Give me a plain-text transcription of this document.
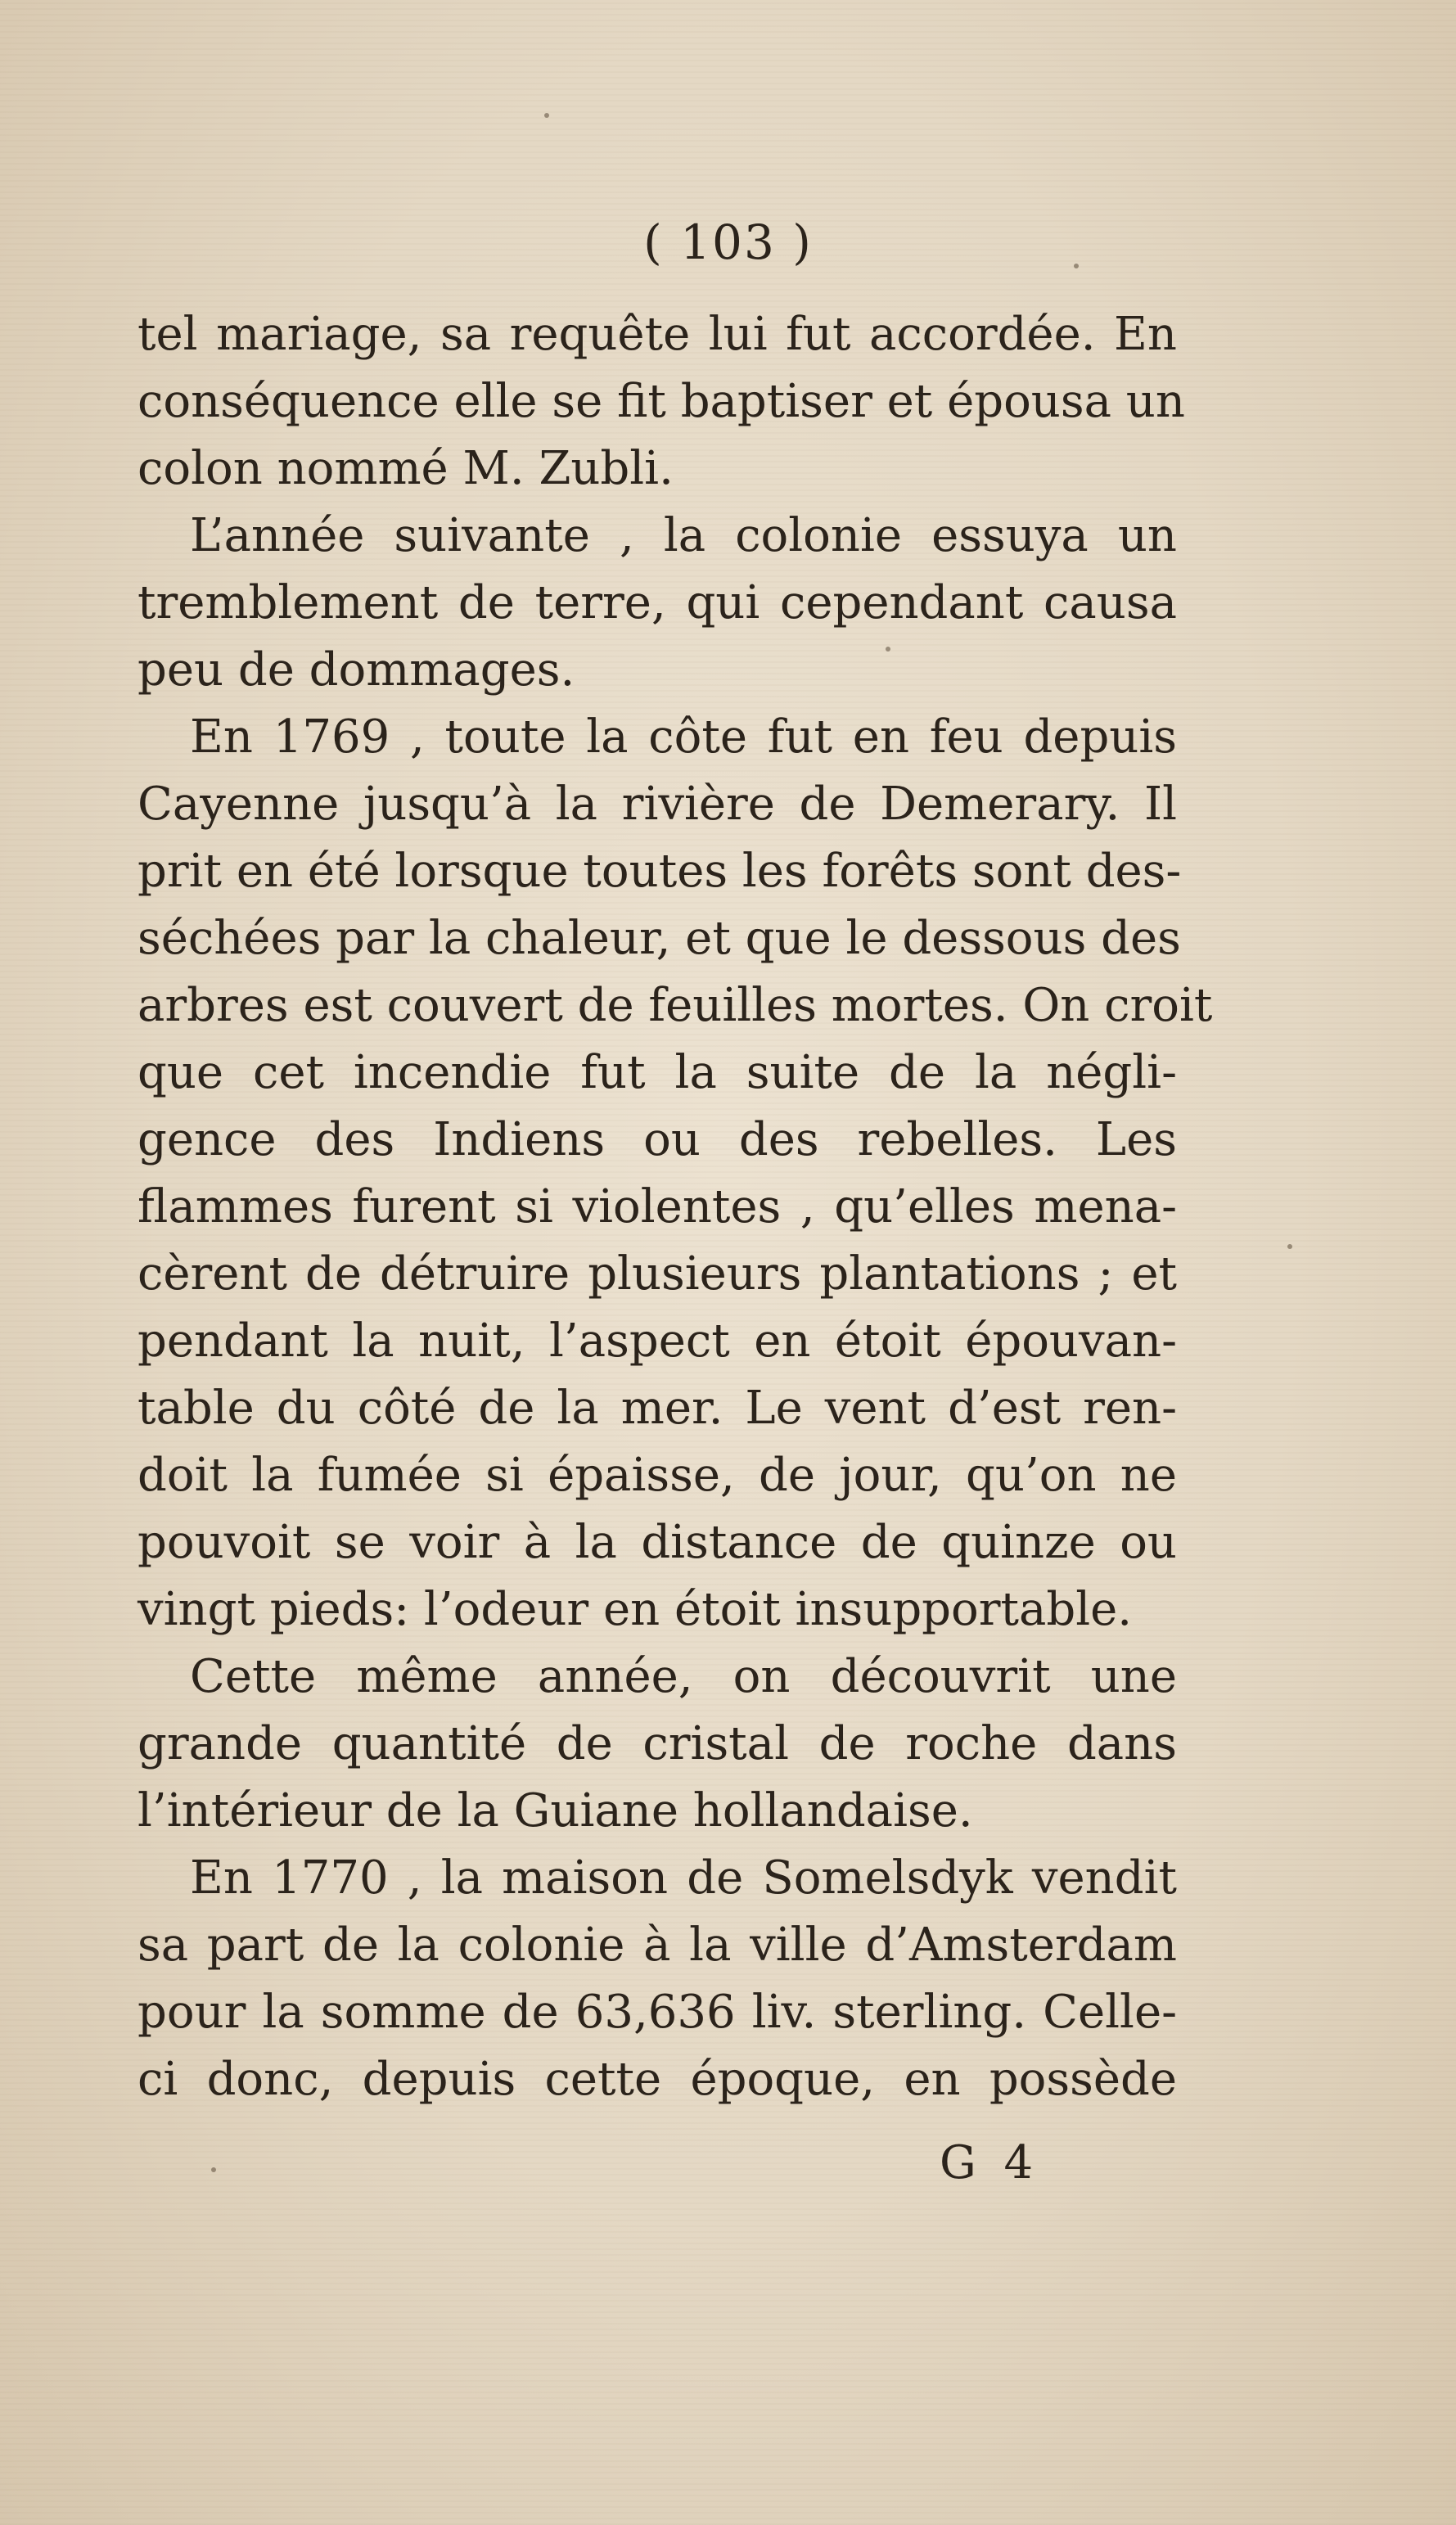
( 103 )
tel mariage, sa requête lui fut accordée. En
conséquence elle se fit baptiser et épousa un
colon nommé M. Zubli.
L’année suivante , la colonie essuya un
tremblement de terre, qui cependant causa
peu de dommages.
En 1769 , toute la côte fut en feu depuis
Cayenne jusqu’à la rivière de Demerary. Il
prit en été lorsque toutes les forêts sont des-
séchées par la chaleur, et que le dessous des
arbres est couvert de feuilles mortes. On croit
que cet incendie fut la suite de la négli-
gence des Indiens ou des rebelles. Les
flammes furent si violentes , qu’elles mena-
cèrent de détruire plusieurs plantations ; et
pendant la nuit, l’aspect en étoit épouvan-
table du côté de la mer. Le vent d’est ren-
doit la fumée si épaisse, de jour, qu’on ne
pouvoit se voir à la distance de quinze ou
vingt pieds: l’odeur en étoit insupportable.
Cette même année, on découvrit une
grande quantité de cristal de roche dans
l’intérieur de la Guiane hollandaise.
En 1770 , la maison de Somelsdyk vendit
sa part de la colonie à la ville d’Amsterdam
pour la somme de 63,636 liv. sterling. Celle-
ci donc, depuis cette époque, en possède
G 4
